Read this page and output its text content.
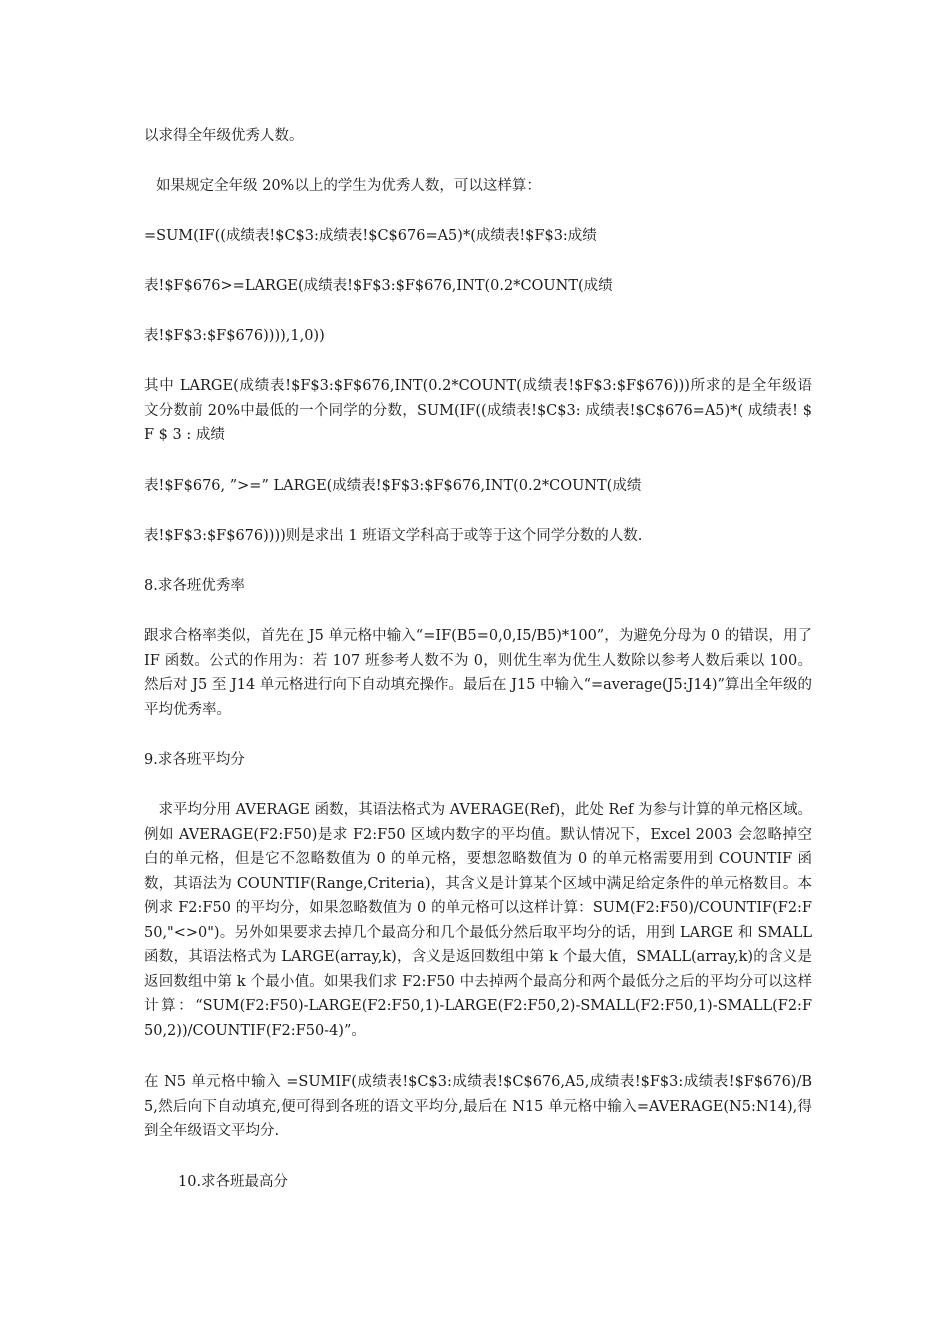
以求得全年级优秀人数。
如果规定全年级 20%以上的学生为优秀人数，可以这样算：
=SUM(IF((成绩表!$C$3:成绩表!$C$676=A5)*(成绩表!$F$3:成绩
表!$F$676>=LARGE(成绩表!$F$3:$F$676,INT(0.2*COUNT(成绩
表!$F$3:$F$676)))),1,0))
其中 LARGE(成绩表!$F$3:$F$676,INT(0.2*COUNT(成绩表!$F$3:$F$676)))所求的是全年级语文分数前 20%中最低的一个同学的分数，SUM(IF((成绩表!$C$3: 成绩表!$C$676=A5)*( 成绩表! $ F $ 3 : 成绩
表!$F$676, ”>=” LARGE(成绩表!$F$3:$F$676,INT(0.2*COUNT(成绩
表!$F$3:$F$676))))则是求出 1 班语文学科高于或等于这个同学分数的人数.
8.求各班优秀率
跟求合格率类似，首先在 J5 单元格中输入“=IF(B5=0,0,I5/B5)*100”，为避免分母为 0 的错误，用了 IF 函数。公式的作用为：若 107 班参考人数不为 0，则优生率为优生人数除以参考人数后乘以 100。然后对 J5 至 J14 单元格进行向下自动填充操作。最后在 J15 中输入“=average(J5:J14)”算出全年级的平均优秀率。
9.求各班平均分
求平均分用 AVERAGE 函数，其语法格式为 AVERAGE(Ref)，此处 Ref 为参与计算的单元格区域。例如 AVERAGE(F2:F50)是求 F2:F50 区域内数字的平均值。默认情况下，Excel 2003 会忽略掉空白的单元格，但是它不忽略数值为 0 的单元格，要想忽略数值为 0 的单元格需要用到 COUNTIF 函数，其语法为 COUNTIF(Range,Criteria)，其含义是计算某个区域中满足给定条件的单元格数目。本例求 F2:F50 的平均分，如果忽略数值为 0 的单元格可以这样计算：SUM(F2:F50)/COUNTIF(F2:F50,"<>0")。另外如果要求去掉几个最高分和几个最低分然后取平均分的话，用到 LARGE 和 SMALL 函数，其语法格式为 LARGE(array,k)，含义是返回数组中第 k 个最大值，SMALL(array,k)的含义是返回数组中第 k 个最小值。如果我们求 F2:F50 中去掉两个最高分和两个最低分之后的平均分可以这样计算：“SUM(F2:F50)-LARGE(F2:F50,1)-LARGE(F2:F50,2)-SMALL(F2:F50,1)-SMALL(F2:F50,2))/COUNTIF(F2:F50-4)”。
在 N5 单元格中输入 =SUMIF(成绩表!$C$3:成绩表!$C$676,A5,成绩表!$F$3:成绩表!$F$676)/B5,然后向下自动填充,便可得到各班的语文平均分,最后在 N15 单元格中输入=AVERAGE(N5:N14),得到全年级语文平均分.
10.求各班最高分
